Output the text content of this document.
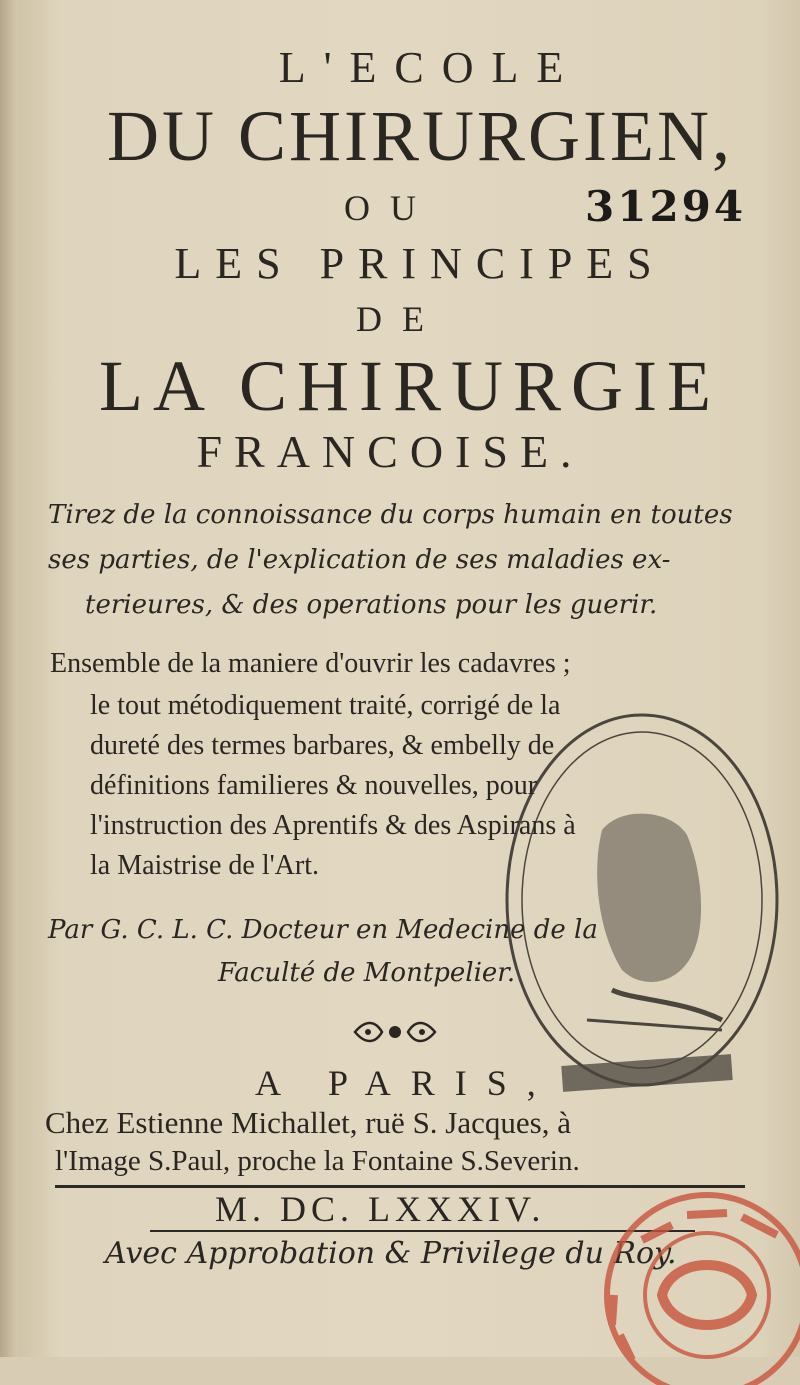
L'ECOLE
DU CHIRURGIEN,
OU	31294
LES PRINCIPES
DE
LA CHIRURGIE
FRANCOISE.
Tirez de la connoissance du corps humain en toutes
ses parties, de l'explication de ses maladies ex-
terieures, & des operations pour les guerir.
Ensemble de la maniere d'ouvrir les cadavres ;
le tout métodiquement traité, corrigé de la
dureté des termes barbares, & embelly de
définitions familieres & nouvelles, pour
l'instruction des Aprentifs & des Aspirans à
la Maistrise de l'Art.
Par G. C. L. C. Docteur en Medecine de la
Faculté de Montpelier.
A PARIS,
Chez Estienne Michallet, ruë S. Jacques, à
l'Image S.Paul, proche la Fontaine S.Severin.
M. DC. LXXXIV.
Avec Approbation & Privilege du Roy.
